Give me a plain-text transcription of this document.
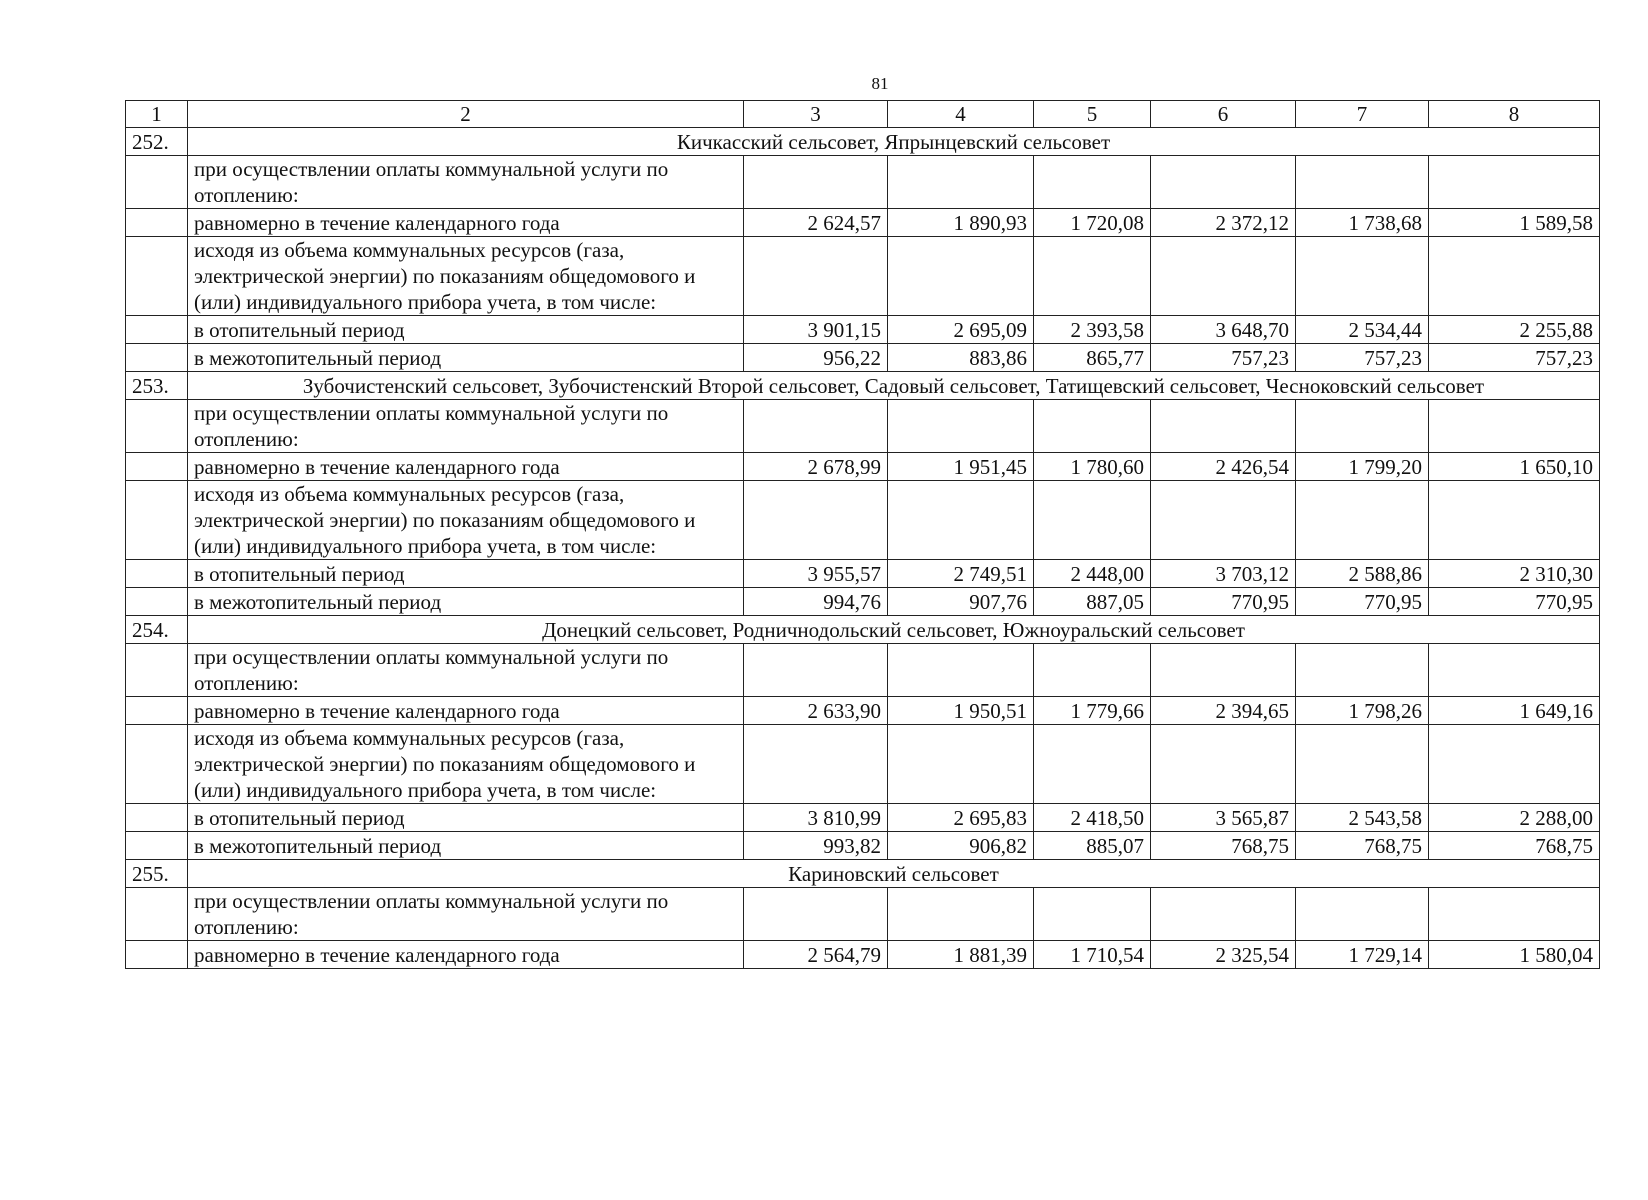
81
1	2	3	4	5	6	7	8
252.	Кичкасский сельсовет, Япрынцевский сельсовет						
	при осуществлении оплаты коммунальной услуги по отоплению:						
	равномерно в течение календарного года	2 624,57	1 890,93	1 720,08	2 372,12	1 738,68	1 589,58
	исходя из объема коммунальных ресурсов (газа, электрической энергии) по показаниям общедомового и (или) индивидуального прибора учета, в том числе:						
	в отопительный период	3 901,15	2 695,09	2 393,58	3 648,70	2 534,44	2 255,88
	в межотопительный период	956,22	883,86	865,77	757,23	757,23	757,23
253.	Зубочистенский сельсовет, Зубочистенский Второй сельсовет, Садовый сельсовет, Татищевский сельсовет, Чесноковский сельсовет						
	при осуществлении оплаты коммунальной услуги по отоплению:						
	равномерно в течение календарного года	2 678,99	1 951,45	1 780,60	2 426,54	1 799,20	1 650,10
	исходя из объема коммунальных ресурсов (газа, электрической энергии) по показаниям общедомового и (или) индивидуального прибора учета, в том числе:						
	в отопительный период	3 955,57	2 749,51	2 448,00	3 703,12	2 588,86	2 310,30
	в межотопительный период	994,76	907,76	887,05	770,95	770,95	770,95
254.	Донецкий сельсовет, Родничнодольский сельсовет, Южноуральский сельсовет						
	при осуществлении оплаты коммунальной услуги по отоплению:						
	равномерно в течение календарного года	2 633,90	1 950,51	1 779,66	2 394,65	1 798,26	1 649,16
	исходя из объема коммунальных ресурсов (газа, электрической энергии) по показаниям общедомового и (или) индивидуального прибора учета, в том числе:						
	в отопительный период	3 810,99	2 695,83	2 418,50	3 565,87	2 543,58	2 288,00
	в межотопительный период	993,82	906,82	885,07	768,75	768,75	768,75
255.	Кариновский сельсовет						
	при осуществлении оплаты коммунальной услуги по отоплению:						
	равномерно в течение календарного года	2 564,79	1 881,39	1 710,54	2 325,54	1 729,14	1 580,04
